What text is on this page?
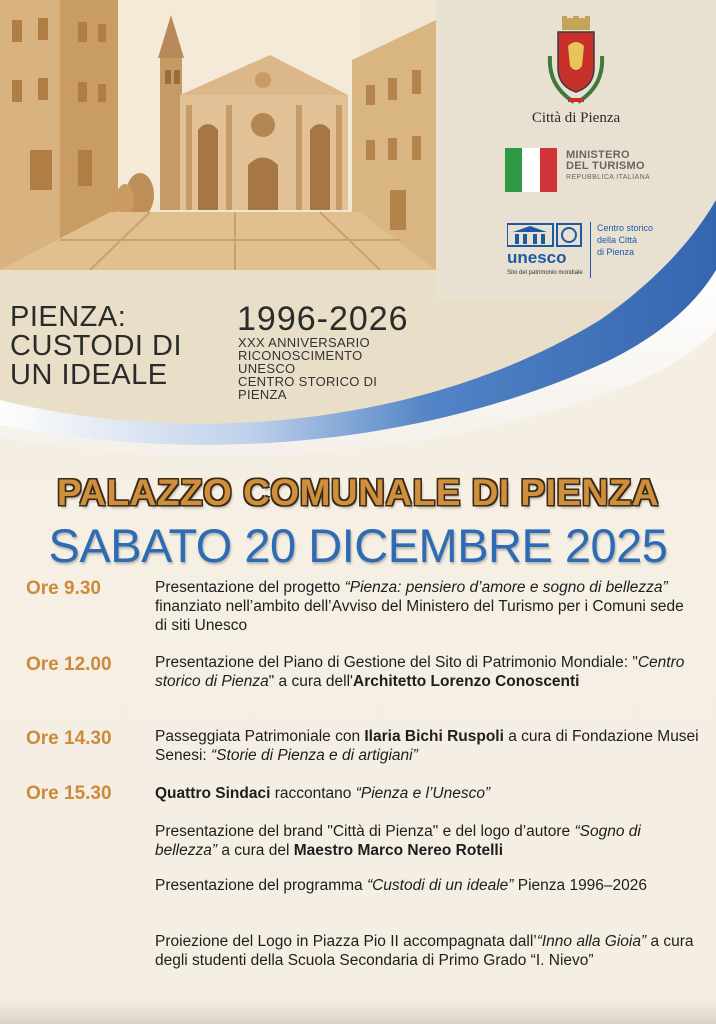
Città di Pienza
MINISTERO
DEL TURISMO
REPUBBLICA ITALIANA
unesco
Sito del patrimonio mondiale
Centro storico
della Città
di Pienza
PIENZA:
CUSTODI DI
UN IDEALE
1996-2026
XXX ANNIVERSARIO
RICONOSCIMENTO
UNESCO
CENTRO STORICO DI
PIENZA
PALAZZO COMUNALE DI PIENZA
SABATO 20 DICEMBRE 2025
Ore 9.30	Presentazione del progetto “Pienza: pensiero d’amore e sogno di bellezza” finanziato nell’ambito dell’Avviso del Ministero del Turismo per i Comuni sede di siti Unesco
Ore 12.00	Presentazione del Piano di Gestione del Sito di Patrimonio Mondiale: "Centro storico di Pienza" a cura dell'Architetto Lorenzo Conoscenti
Ore 14.30	Passeggiata Patrimoniale con Ilaria Bichi Ruspoli a cura di Fondazione Musei Senesi: “Storie di Pienza e di artigiani”
Ore 15.30	Quattro Sindaci raccontano “Pienza e l’Unesco”
Presentazione del brand "Città di Pienza" e del logo d’autore “Sogno di bellezza” a cura del Maestro Marco Nereo Rotelli
Presentazione del programma “Custodi di un ideale” Pienza 1996–2026
Proiezione del Logo in Piazza Pio II accompagnata dall’“Inno alla Gioia” a cura degli studenti della Scuola Secondaria di Primo Grado “I. Nievo”
